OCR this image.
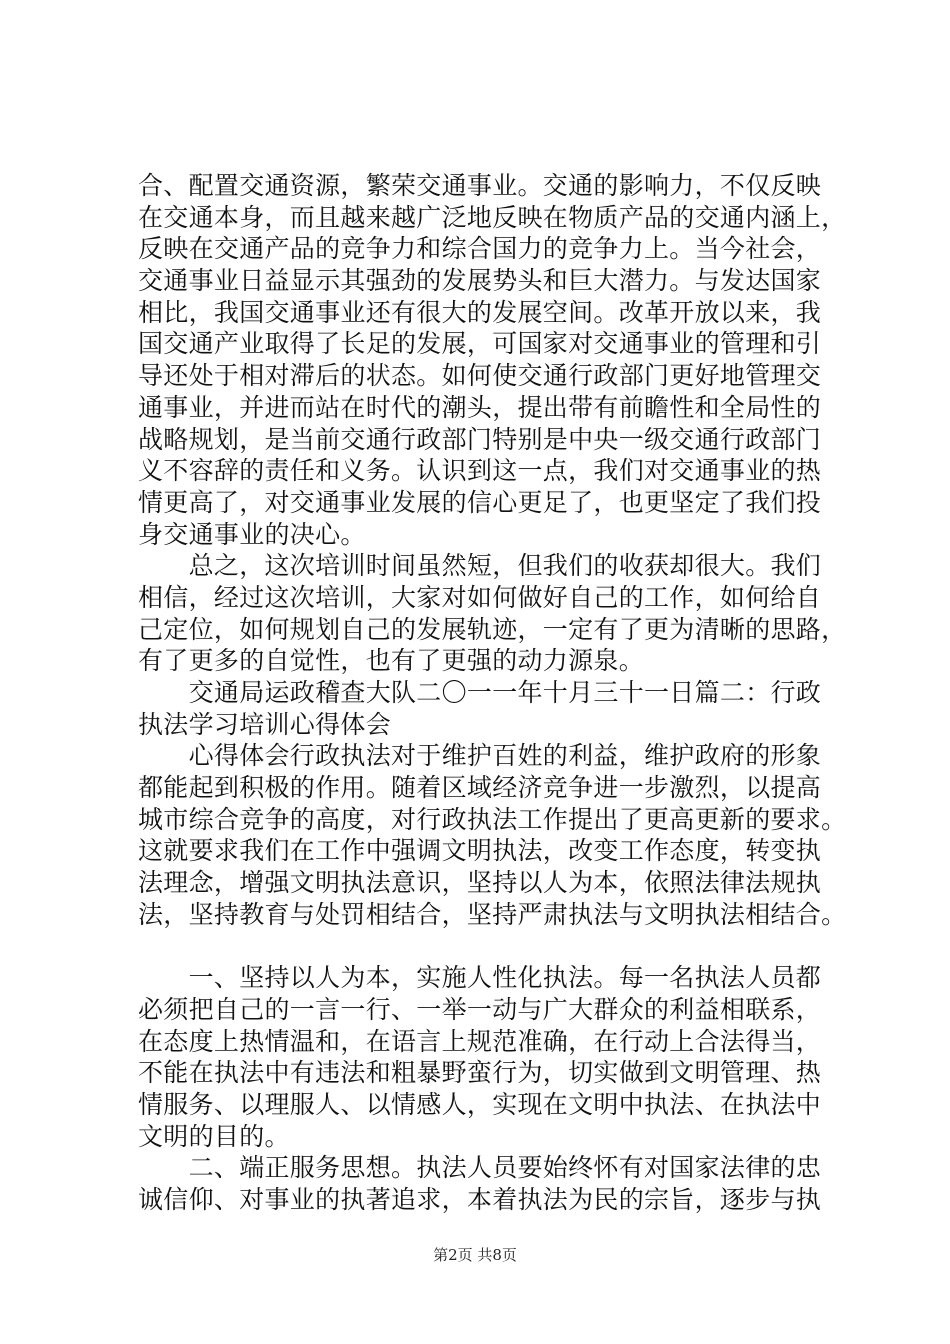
合、配置交通资源，繁荣交通事业。交通的影响力，不仅反映
在交通本身，而且越来越广泛地反映在物质产品的交通内涵上，
反映在交通产品的竞争力和综合国力的竞争力上。当今社会，
交通事业日益显示其强劲的发展势头和巨大潜力。与发达国家
相比，我国交通事业还有很大的发展空间。改革开放以来，我
国交通产业取得了长足的发展，可国家对交通事业的管理和引
导还处于相对滞后的状态。如何使交通行政部门更好地管理交
通事业，并进而站在时代的潮头，提出带有前瞻性和全局性的
战略规划，是当前交通行政部门特别是中央一级交通行政部门
义不容辞的责任和义务。认识到这一点，我们对交通事业的热
情更高了，对交通事业发展的信心更足了，也更坚定了我们投
身交通事业的决心。
　　总之，这次培训时间虽然短，但我们的收获却很大。我们
相信，经过这次培训，大家对如何做好自己的工作，如何给自
己定位，如何规划自己的发展轨迹，一定有了更为清晰的思路，
有了更多的自觉性，也有了更强的动力源泉。
　　交通局运政稽查大队二〇一一年十月三十一日篇二：行政
执法学习培训心得体会
　　心得体会行政执法对于维护百姓的利益，维护政府的形象
都能起到积极的作用。随着区域经济竞争进一步激烈，以提高
城市综合竞争的高度，对行政执法工作提出了更高更新的要求。
这就要求我们在工作中强调文明执法，改变工作态度，转变执
法理念，增强文明执法意识，坚持以人为本，依照法律法规执
法，坚持教育与处罚相结合，坚持严肃执法与文明执法相结合。
　　一、坚持以人为本，实施人性化执法。每一名执法人员都
必须把自己的一言一行、一举一动与广大群众的利益相联系，
在态度上热情温和，在语言上规范准确，在行动上合法得当，
不能在执法中有违法和粗暴野蛮行为，切实做到文明管理、热
情服务、以理服人、以情感人，实现在文明中执法、在执法中
文明的目的。
　　二、端正服务思想。执法人员要始终怀有对国家法律的忠
诚信仰、对事业的执著追求，本着执法为民的宗旨，逐步与执
第2页 共8页
